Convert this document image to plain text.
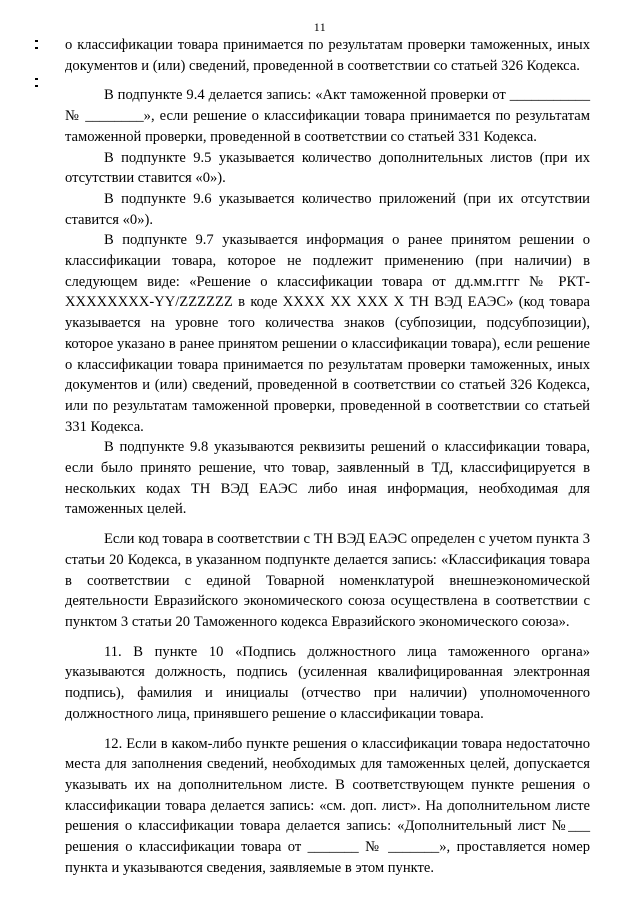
11

о классификации товара принимается по результатам проверки таможенных, иных документов и (или) сведений, проведенной в соответствии со статьей 326 Кодекса.

В подпункте 9.4 делается запись: «Акт таможенной проверки от ___________ № ________», если решение о классификации товара принимается по результатам таможенной проверки, проведенной в соответствии со статьей 331 Кодекса.

В подпункте 9.5 указывается количество дополнительных листов (при их отсутствии ставится «0»).

В подпункте 9.6 указывается количество приложений (при их отсутствии ставится «0»).

В подпункте 9.7 указывается информация о ранее принятом решении о классификации товара, которое не подлежит применению (при наличии) в следующем виде: «Решение о классификации товара от дд.мм.гггг № РКТ-XXXXXXXX-YY/ZZZZZZ в коде XXXX XX XXX X ТН ВЭД ЕАЭС» (код товара указывается на уровне того количества знаков (субпозиции, подсубпозиции), которое указано в ранее принятом решении о классификации товара), если решение о классификации товара принимается по результатам проверки таможенных, иных документов и (или) сведений, проведенной в соответствии со статьей 326 Кодекса, или по результатам таможенной проверки, проведенной в соответствии со статьей 331 Кодекса.

В подпункте 9.8 указываются реквизиты решений о классификации товара, если было принято решение, что товар, заявленный в ТД, классифицируется в нескольких кодах ТН ВЭД ЕАЭС либо иная информация, необходимая для таможенных целей.

Если код товара в соответствии с ТН ВЭД ЕАЭС определен с учетом пункта 3 статьи 20 Кодекса, в указанном подпункте делается запись: «Классификация товара в соответствии с единой Товарной номенклатурой внешнеэкономической деятельности Евразийского экономического союза осуществлена в соответствии с пунктом 3 статьи 20 Таможенного кодекса Евразийского экономического союза».

11. В пункте 10 «Подпись должностного лица таможенного органа» указываются должность, подпись (усиленная квалифицированная электронная подпись), фамилия и инициалы (отчество при наличии) уполномоченного должностного лица, принявшего решение о классификации товара.

12. Если в каком-либо пункте решения о классификации товара недостаточно места для заполнения сведений, необходимых для таможенных целей, допускается указывать их на дополнительном листе. В соответствующем пункте решения о классификации товара делается запись: «см. доп. лист». На дополнительном листе решения о классификации товара делается запись: «Дополнительный лист №___ решения о классификации товара от _______ № _______», проставляется номер пункта и указываются сведения, заявляемые в этом пункте.
